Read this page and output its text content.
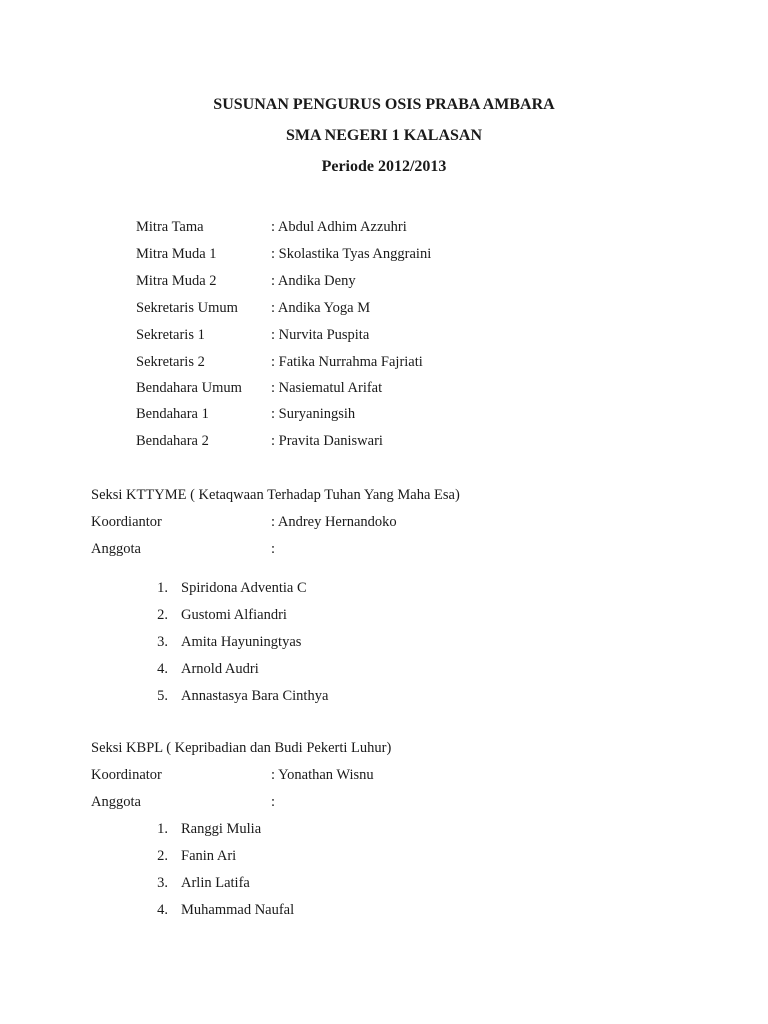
SUSUNAN PENGURUS OSIS PRABA AMBARA
SMA NEGERI 1 KALASAN
Periode 2012/2013
Mitra Tama	: Abdul Adhim Azzuhri
Mitra Muda 1	: Skolastika Tyas Anggraini
Mitra Muda 2	: Andika Deny
Sekretaris Umum : Andika Yoga M
Sekretaris 1	: Nurvita Puspita
Sekretaris 2	: Fatika Nurrahma Fajriati
Bendahara Umum : Nasiematul Arifat
Bendahara 1	: Suryaningsih
Bendahara 2	: Pravita Daniswari
Seksi KTTYME ( Ketaqwaan Terhadap Tuhan Yang Maha Esa)
Koordiantor	: Andrey Hernandoko
Anggota	:
1. Spiridona Adventia C
2. Gustomi Alfiandri
3. Amita Hayuningtyas
4. Arnold Audri
5. Annastasya Bara Cinthya
Seksi KBPL ( Kepribadian dan Budi Pekerti Luhur)
Koordinator	: Yonathan Wisnu
Anggota	:
1. Ranggi Mulia
2. Fanin Ari
3. Arlin Latifa
4. Muhammad Naufal
